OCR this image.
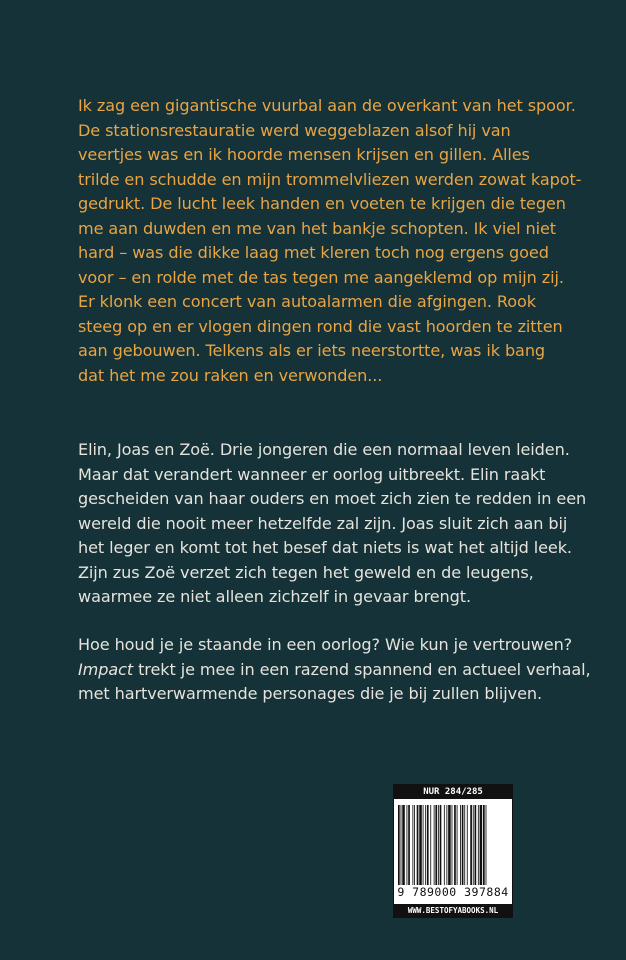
Ik zag een gigantische vuurbal aan de overkant van het spoor.
De stationsrestauratie werd weggeblazen alsof hij van
veertjes was en ik hoorde mensen krijsen en gillen. Alles
trilde en schudde en mijn trommelvliezen werden zowat kapot-
gedrukt. De lucht leek handen en voeten te krijgen die tegen
me aan duwden en me van het bankje schopten. Ik viel niet
hard – was die dikke laag met kleren toch nog ergens goed
voor – en rolde met de tas tegen me aangeklemd op mijn zij.
Er klonk een concert van autoalarmen die afgingen. Rook
steeg op en er vlogen dingen rond die vast hoorden te zitten
aan gebouwen. Telkens als er iets neerstortte, was ik bang
dat het me zou raken en verwonden...

Elin, Joas en Zoë. Drie jongeren die een normaal leven leiden.
Maar dat verandert wanneer er oorlog uitbreekt. Elin raakt
gescheiden van haar ouders en moet zich zien te redden in een
wereld die nooit meer hetzelfde zal zijn. Joas sluit zich aan bij
het leger en komt tot het besef dat niets is wat het altijd leek.
Zijn zus Zoë verzet zich tegen het geweld en de leugens,
waarmee ze niet alleen zichzelf in gevaar brengt.

Hoe houd je je staande in een oorlog? Wie kun je vertrouwen?
Impact trekt je mee in een razend spannend en actueel verhaal,
met hartverwarmende personages die je bij zullen blijven.

NUR 284/285
9 789000 397884
WWW.BESTOFYABOOKS.NL
